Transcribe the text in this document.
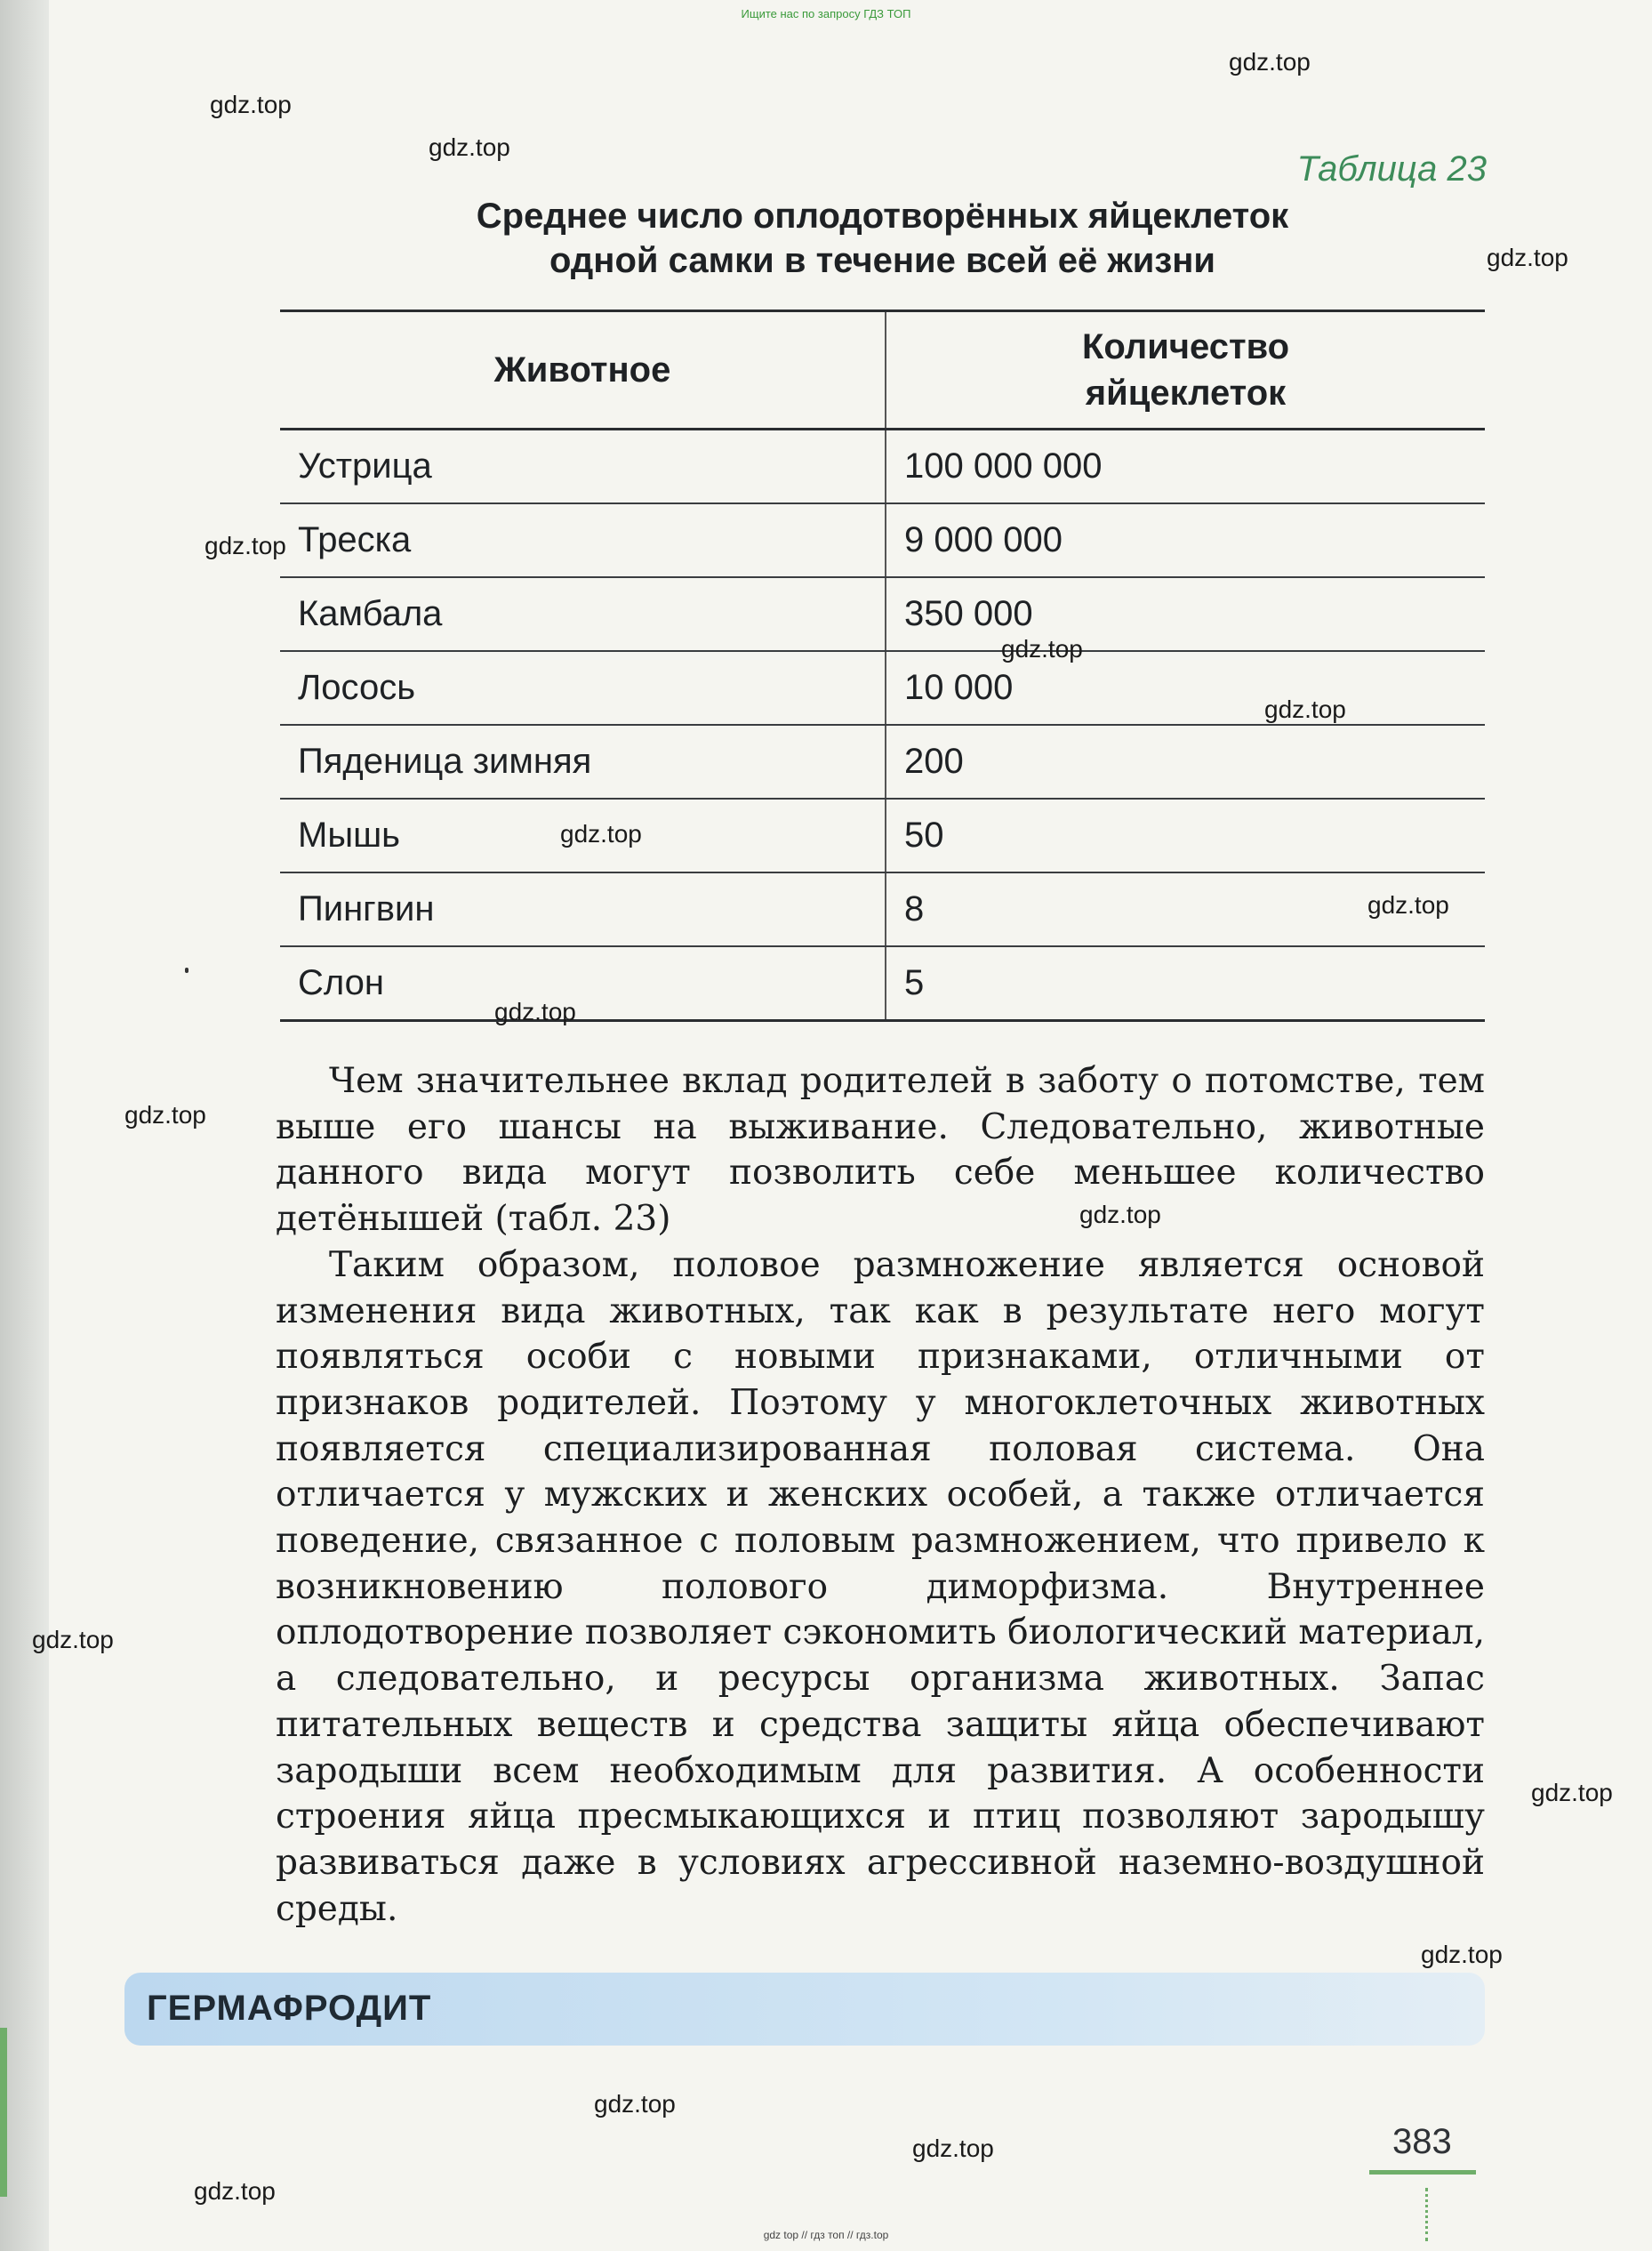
Ищите нас по запросу ГДЗ ТОП
Таблица 23
Среднее число оплодотворённых яйцеклеток
одной самки в течение всей её жизни
Животное	Количество
яйцеклеток

Устрица	100 000 000
Треска	9 000 000
Камбала	350 000
Лосось	10 000
Пяденица зимняя	200
Мышь	50
Пингвин	8
Слон	5

Чем значительнее вклад родителей в заботу о потомстве, тем выше его шансы на выживание. Следовательно, животные данного вида могут позволить себе меньшее количество детёнышей (табл. 23)

Таким образом, половое размножение является основой изменения вида животных, так как в результате него могут появляться особи с новыми признаками, отличными от признаков родителей. Поэтому у многоклеточных животных появляется специализированная половая система. Она отличается у мужских и женских особей, а также отличается поведение, связанное с половым размножением, что привело к возникновению полового диморфизма. Внутреннее оплодотворение позволяет сэкономить биологический материал, а следовательно, и ресурсы организма животных. Запас питательных веществ и средства защиты яйца обеспечивают зародыши всем необходимым для развития. А особенности строения яйца пресмыкающихся и птиц позволяют зародышу развиваться даже в условиях агрессивной наземно-воздушной среды.

ГЕРМАФРОДИТ
383
gdz.top
gdz.top
gdz.top
gdz.top
gdz.top
gdz.top
gdz.top
gdz.top
gdz.top
gdz.top
gdz.top
gdz.top
gdz.top
gdz.top
gdz.top
gdz.top
gdz.top
gdz.top
gdz top // гдз топ // гдз.top
